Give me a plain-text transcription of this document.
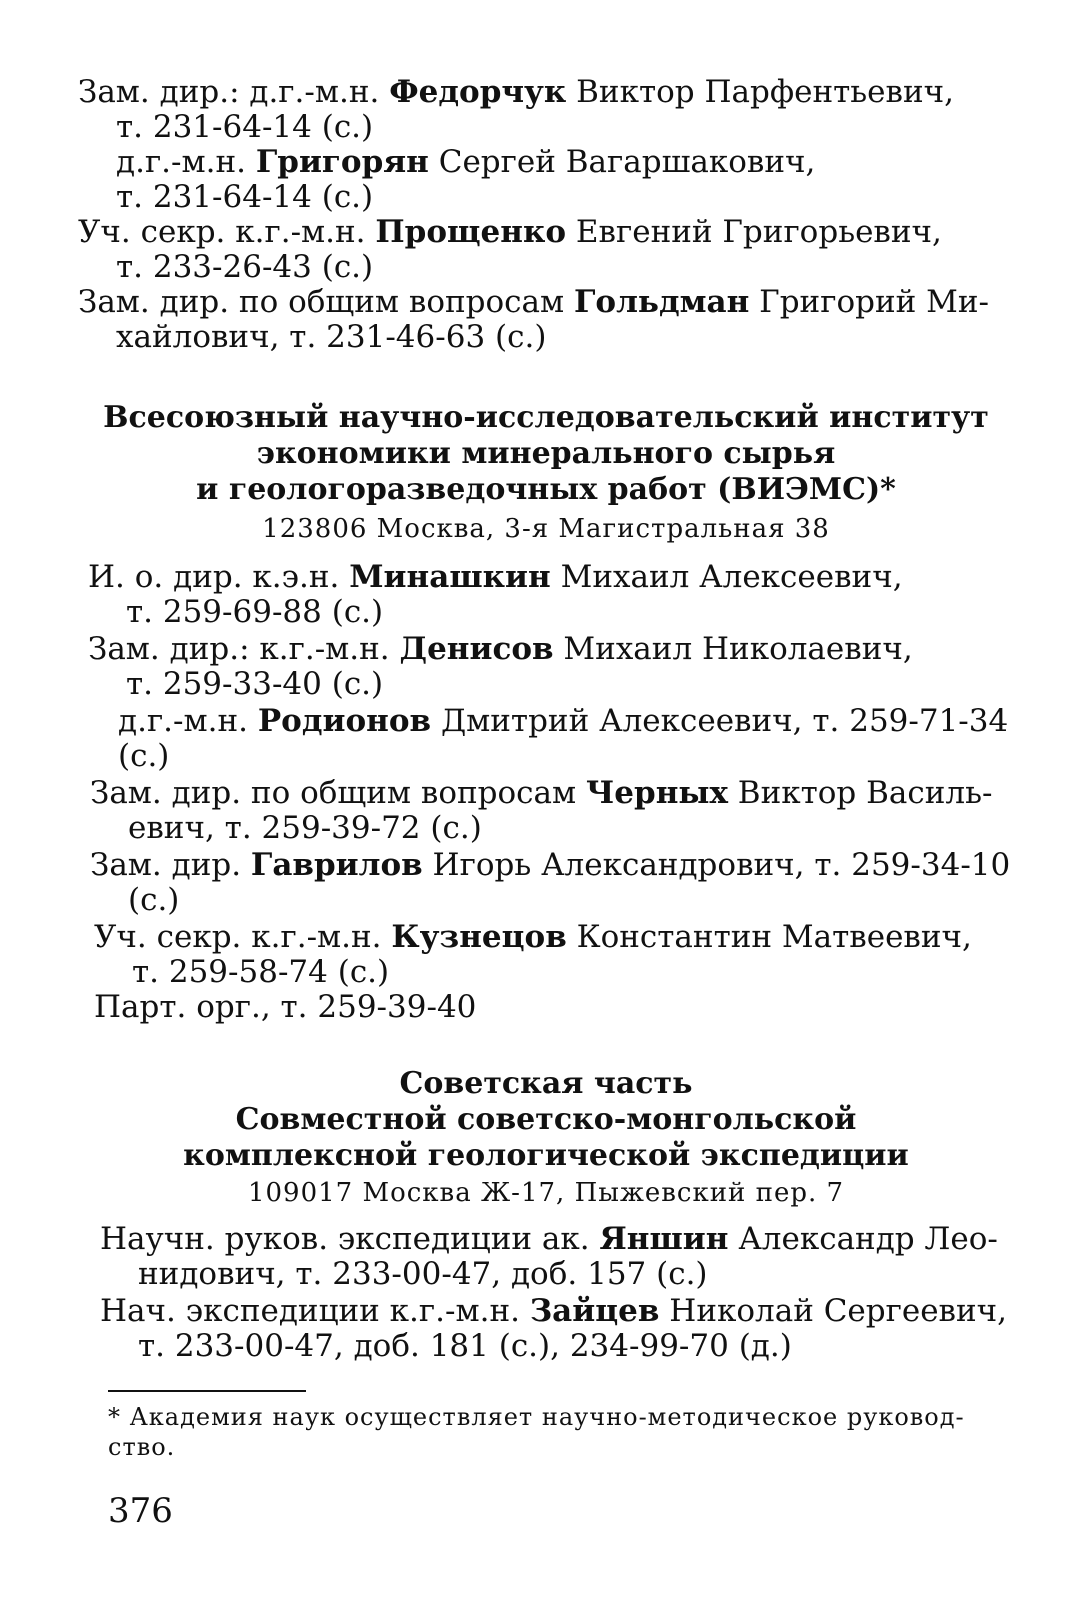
Зам. дир.: д.г.-м.н. Федорчук Виктор Парфентьевич,
т. 231-64-14 (с.)
д.г.-м.н. Григорян Сергей Вагаршакович,
т. 231-64-14 (с.)
Уч. секр. к.г.-м.н. Прощенко Евгений Григорьевич,
т. 233-26-43 (с.)
Зам. дир. по общим вопросам Гольдман Григорий Ми-
хайлович, т. 231-46-63 (с.)
Всесоюзный научно-исследовательский институт
экономики минерального сырья
и геологоразведочных работ (ВИЭМС)*
123806 Москва, 3-я Магистральная 38
И. о. дир. к.э.н. Минашкин Михаил Алексеевич,
т. 259-69-88 (с.)
Зам. дир.: к.г.-м.н. Денисов Михаил Николаевич,
т. 259-33-40 (с.)
д.г.-м.н. Родионов Дмитрий Алексеевич, т. 259-71-34
(с.)
Зам. дир. по общим вопросам Черных Виктор Василь-
евич, т. 259-39-72 (с.)
Зам. дир. Гаврилов Игорь Александрович, т. 259-34-10
(с.)
Уч. секр. к.г.-м.н. Кузнецов Константин Матвеевич,
т. 259-58-74 (с.)
Парт. орг., т. 259-39-40
Советская часть
Совместной советско-монгольской
комплексной геологической экспедиции
109017 Москва Ж-17, Пыжевский пер. 7
Научн. руков. экспедиции ак. Яншин Александр Лео-
нидович, т. 233-00-47, доб. 157 (с.)
Нач. экспедиции к.г.-м.н. Зайцев Николай Сергеевич,
т. 233-00-47, доб. 181 (с.), 234-99-70 (д.)
* Академия наук осуществляет научно-методическое руковод-
ство.
376
